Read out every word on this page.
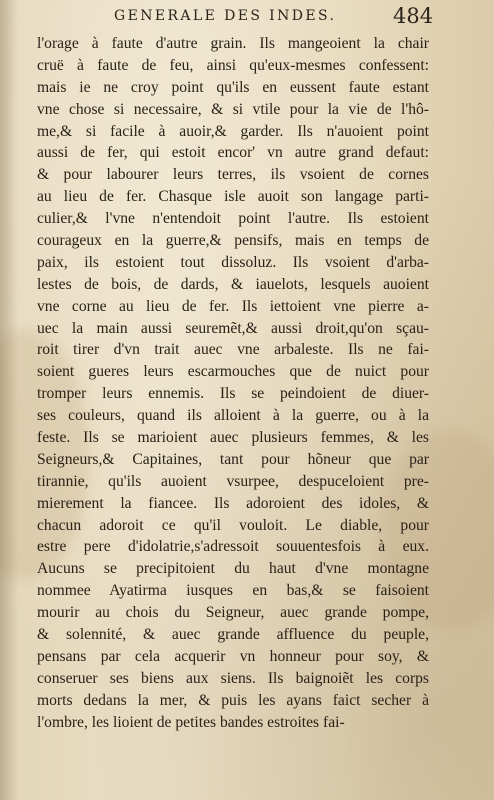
GENERALE DES INDES.	484
l'orage à faute d'autre grain. Ils mangeoient la chair
cruë à faute de feu, ainsi qu'eux-mesmes confessent:
mais ie ne croy point qu'ils en eussent faute estant
vne chose si necessaire, & si vtile pour la vie de l'hô-
me,& si facile à auoir,& garder. Ils n'auoient point
aussi de fer, qui estoit encor' vn autre grand defaut:
& pour labourer leurs terres, ils vsoient de cornes
au lieu de fer. Chasque isle auoit son langage parti-
culier,& l'vne n'entendoit point l'autre. Ils estoient
courageux en la guerre,& pensifs, mais en temps de
paix, ils estoient tout dissoluz. Ils vsoient d'arba-
lestes de bois, de dards, & iauelots, lesquels auoient
vne corne au lieu de fer. Ils iettoient vne pierre a-
uec la main aussi seuremẽt,& aussi droit,qu'on sçau-
roit tirer d'vn trait auec vne arbaleste. Ils ne fai-
soient gueres leurs escarmouches que de nuict pour
tromper leurs ennemis. Ils se peindoient de diuer-
ses couleurs, quand ils alloient à la guerre, ou à la
feste. Ils se marioient auec plusieurs femmes, & les
Seigneurs,& Capitaines, tant pour hõneur que par
tirannie, qu'ils auoient vsurpee, despuceloient pre-
mierement la fiancee. Ils adoroient des idoles, &
chacun adoroit ce qu'il vouloit. Le diable, pour
estre pere d'idolatrie,s'adressoit souuentesfois à eux.
Aucuns se precipitoient du haut d'vne montagne
nommee Ayatirma iusques en bas,& se faisoient
mourir au chois du Seigneur, auec grande pompe,
& solennité, & auec grande affluence du peuple,
pensans par cela acquerir vn honneur pour soy, &
conseruer ses biens aux siens. Ils baignoiẽt les corps
morts dedans la mer, & puis les ayans faict secher à
l'ombre, les lioient de petites bandes estroites fai-
